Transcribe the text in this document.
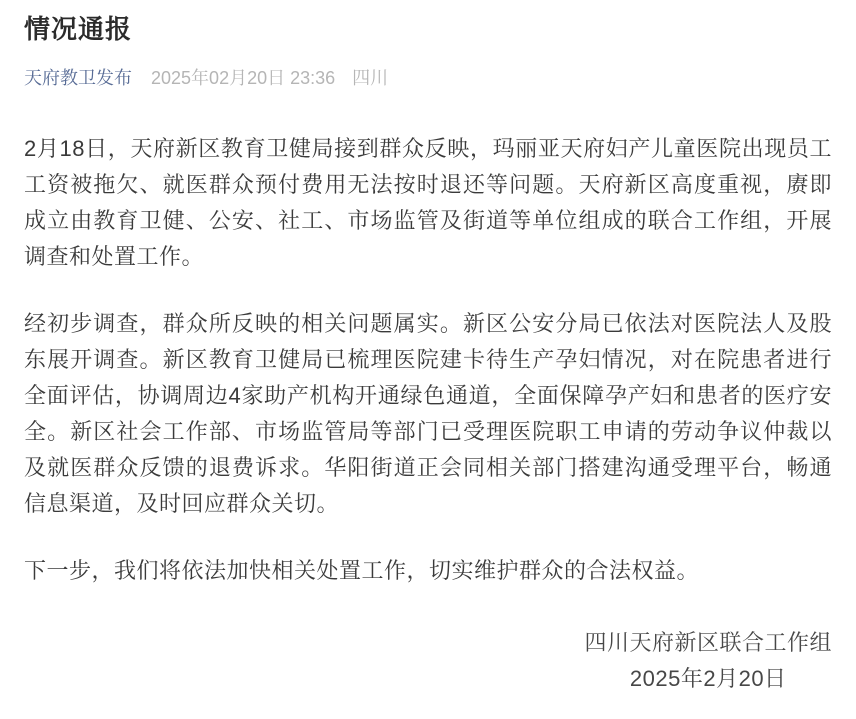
情况通报
天府教卫发布 2025年02月20日 23:36 四川

2月18日，天府新区教育卫健局接到群众反映，玛丽亚天府妇产儿童医院出现员工工资被拖欠、就医群众预付费用无法按时退还等问题。天府新区高度重视，赓即成立由教育卫健、公安、社工、市场监管及街道等单位组成的联合工作组，开展调查和处置工作。

经初步调查，群众所反映的相关问题属实。新区公安分局已依法对医院法人及股东展开调查。新区教育卫健局已梳理医院建卡待生产孕妇情况，对在院患者进行全面评估，协调周边4家助产机构开通绿色通道，全面保障孕产妇和患者的医疗安全。新区社会工作部、市场监管局等部门已受理医院职工申请的劳动争议仲裁以及就医群众反馈的退费诉求。华阳街道正会同相关部门搭建沟通受理平台，畅通信息渠道，及时回应群众关切。

下一步，我们将依法加快相关处置工作，切实维护群众的合法权益。

四川天府新区联合工作组
2025年2月20日
